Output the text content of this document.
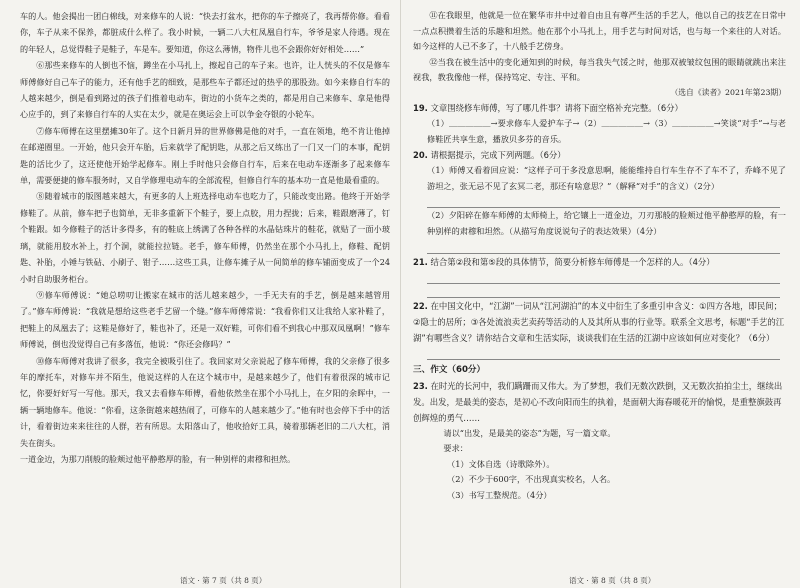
车的人。他会揭出一团白棉线，对来修车的人说：“快去打盆水，把你的车子擦亮了，我再帮你修。看看你，车子从来不保养，都脏成什么样了。我小时候，一辆二八大杠凤凰自行车，爷爷是家人待遇。现在的年轻人，总觉得鞋子是鞋子，车是车。要知道，你这么薄情，物件儿也不会跟你好好相处……”

⑥那些来修车的人倒也不恼，蹲坐在小马扎上，擦起自己的车子来。也许，让人恍头的不仅是修车师傅修好自己车子的能力，还有他手艺的细致，是那些车子都还过的热乎的那股劲。如今来修自行车的人越来越少，倒是看到路过的孩子们推着电动车，街边的小货车之类的，都是用自己来修车、拿是他得心应手的，到了来修自行车的人实在太少，就是在奥运会上可以争金夺银的小轮车。

⑦修车师傅在这里摆摊30年了。这个日新月异的世界修佛是他的对手，一直在领地，绝不肯让他掉在邮递圈里。一开始，他只会开车胎，后来就学了配钥匙，从那之后又练出了一门又一门的本事，配钥匙的活比少了，这还使他开始学起修车。刚上手时他只会修自行车，后来在电动车逐渐多了起来修车单，需要便捷的修车服务时，又自学修理电动车的全部流程，但修自行车的基本功一直是他最看重的。

⑧随着城市的版图越来越大，有更多的人上班选择电动车也吃力了，只能改变出路。他终于开始学修鞋了。从前，修车把子也简单，无非多重新下个鞋子，要上点胶，用力捏拢；后来，鞋跟磨薄了，钉个鞋跟。如今修鞋子的活计多得多，有的鞋底上绣满了各种各样的水晶钻珠片的鞋花，就贴了一面小玻璃，就能用胶水补上，打个洞，就能拉拉链。老手，修车师傅，仍然坐在那个小马扎上，修鞋、配钥匙、补胎，小锤与铁砧、小刷子、钳子……这些工具，让修车摊子从一间简单的修车铺面变成了一个24小时自助服务柜台。

⑨修车师傅说：“她总唠叨让搬家在城市的活儿越来越少，一手无夫有的手艺，倒是越来越管用了。”修车师傅说：“我就是想给这些老手艺留一个缝。”修车师傅常说：“我看你们又让我给人家补鞋了，把鞋上的凤凰去了；这鞋是修好了，鞋也补了，还是一双好鞋，可你们看不到我心中那双凤凰啊！”修车师傅说，倒也没觉得自己有多落伍，他说：“你还会修吗？”

⑩修车师傅对我讲了很多，我完全被吸引住了。我回家对父亲说起了修车师傅，我的父亲修了很多年的摩托车，对修车并不陌生，他说这样的人在这个城市中，是越来越少了，他们有着很深的城市记忆，你要好好写一写他。那天，我又去看修车师傅，看他依然坐在那个小马扎上，在夕阳的余晖中，一辆一辆地修车。他说：“你看，这条街越来越热闹了，可修车的人越来越少了。”他有时也会停下手中的活计，看着街边来来往往的人群，若有所思。太阳落山了，他收拾好工具，骑着那辆老旧的二八大杠，消失在街头。

一道金边，为那刀削般的脸颊过他平静憨厚的脸，有一种别样的肃穆和担然。

语文 · 第 7 页（共 8 页）

⑪在我眼里，他就是一位在繁华市井中过着自由且有尊严生活的手艺人，他以自己的技艺在日常中一点点积攒着生活的乐趣和坦然。他在那个小马扎上，用手艺与时间对话，也与每一个来往的人对话。如今这样的人已不多了，十八般手艺傍身。

⑫当我在被生活中的变化通知到的时候，每当我失气馁之时，他那双被皱纹包围的眼睛就跳出来注视我，教我像他一样，保持笃定、专注、平和。

（选自《读者》2021年第23期）

19. 文章围绕修车师傅，写了哪几件事？请将下面空格补充完整。（6分）

（1）＿＿＿＿＿→要求修车人爱护车子→（2）＿＿＿＿＿→（3）＿＿＿＿＿→笑谈“对手”→与老修鞋匠共享生意，播放贝多芬的音乐。

20. 请根据提示，完成下列两题。（6分）

（1）师傅又看着回应说：“这样子可于多没意思啊，能能维持自行车生存不了车不了，乔峰不见了游坦之，张无忌不见了玄冥二老，那还有啥意思？”（解释“对手”的含义）（2分）

（2）夕阳碎在修车师傅的太师椅上，给它镶上一道金边，刀刃那般的脸颊过他平静憨厚的脸，有一种别样的肃穆和坦然。（从描写角度说说句子的表达效果）（4分）

21. 结合第②段和第⑤段的具体情节，简要分析修车师傅是一个怎样的人。（4分）

22. 在中国文化中，“江湖”一词从“江河湖泊”的本义中衍生了多重引申含义：①四方各地，即民间；②隐士的居所；③各处流浪卖艺卖药等活动的人及其所从事的行业等。联系全文思考，标题“手艺的江湖”有哪些含义？请你结合文章和生活实际，谈谈我们在生活的江湖中应该如何应对变化？（6分）

三、作文（60分）

23. 在时光的长河中，我们蹒跚而又伟大。为了梦想，我们无数次跌倒，又无数次拍拍尘土，继续出发。出发，是最美的姿态，是初心不改向阳而生的执着，是面朝大海春暖花开的愉悦，是重整旗鼓再创辉煌的勇气……

请以“出发，是最美的姿态”为题，写一篇文章。

要求：

（1）文体自选（诗歌除外）。

（2）不少于600字，不出现真实校名，人名。

（3）书写工整规范。（4分）

语文 · 第 8 页（共 8 页）
